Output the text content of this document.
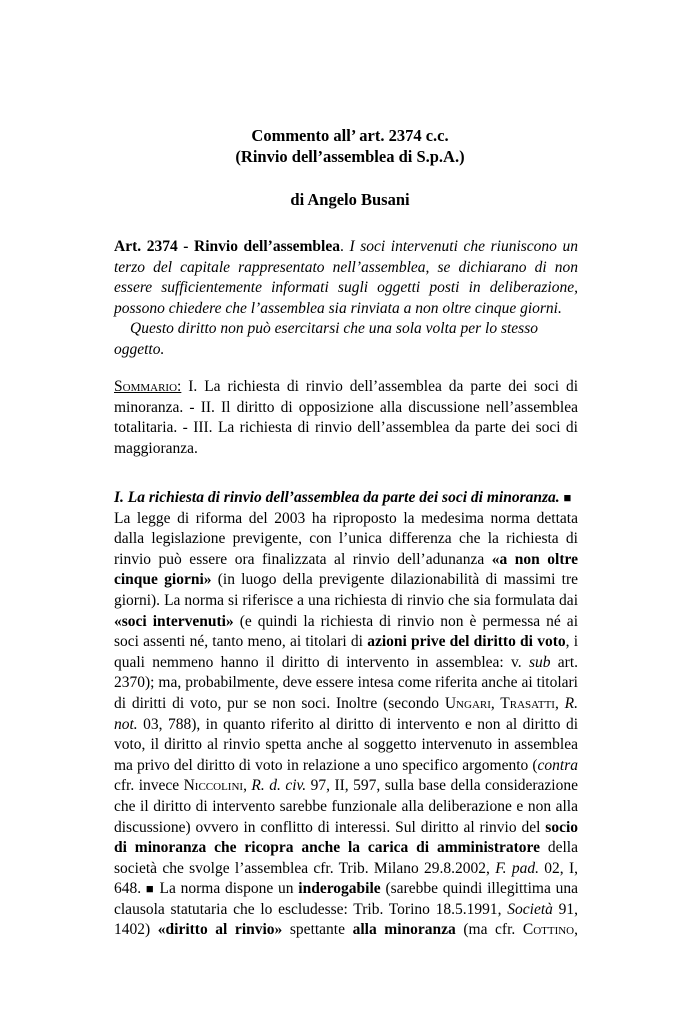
Commento all’ art. 2374 c.c.
(Rinvio dell’assemblea di S.p.A.)
di Angelo Busani
Art. 2374 - Rinvio dell’assemblea. I soci intervenuti che riuniscono un
terzo del capitale rappresentato nell’assemblea, se dichiarano di non
essere sufficientemente informati sugli oggetti posti in deliberazione,
possono chiedere che l’assemblea sia rinviata a non oltre cinque giorni.
Questo diritto non può esercitarsi che una sola volta per lo stesso
oggetto.
Sommario: I. La richiesta di rinvio dell’assemblea da parte dei soci di
minoranza. - II. Il diritto di opposizione alla discussione nell’assemblea
totalitaria. - III. La richiesta di rinvio dell’assemblea da parte dei soci di
maggioranza.
I. La richiesta di rinvio dell’assemblea da parte dei soci di minoranza. ■
La legge di riforma del 2003 ha riproposto la medesima norma dettata
dalla legislazione previgente, con l’unica differenza che la richiesta di
rinvio può essere ora finalizzata al rinvio dell’adunanza «a non oltre
cinque giorni» (in luogo della previgente dilazionabilità di massimi tre
giorni). La norma si riferisce a una richiesta di rinvio che sia formulata dai
«soci intervenuti» (e quindi la richiesta di rinvio non è permessa né ai
soci assenti né, tanto meno, ai titolari di azioni prive del diritto di voto, i
quali nemmeno hanno il diritto di intervento in assemblea: v. sub art.
2370); ma, probabilmente, deve essere intesa come riferita anche ai titolari
di diritti di voto, pur se non soci. Inoltre (secondo Ungari, Trasatti, R.
not. 03, 788), in quanto riferito al diritto di intervento e non al diritto di
voto, il diritto al rinvio spetta anche al soggetto intervenuto in assemblea
ma privo del diritto di voto in relazione a uno specifico argomento (contra
cfr. invece Niccolini, R. d. civ. 97, II, 597, sulla base della considerazione
che il diritto di intervento sarebbe funzionale alla deliberazione e non alla
discussione) ovvero in conflitto di interessi. Sul diritto al rinvio del socio
di minoranza che ricopra anche la carica di amministratore della
società che svolge l’assemblea cfr. Trib. Milano 29.8.2002, F. pad. 02, I,
648. ■ La norma dispone un inderogabile (sarebbe quindi illegittima una
clausola statutaria che lo escludesse: Trib. Torino 18.5.1991, Società 91,
1402) «diritto al rinvio» spettante alla minoranza (ma cfr. Cottino,
